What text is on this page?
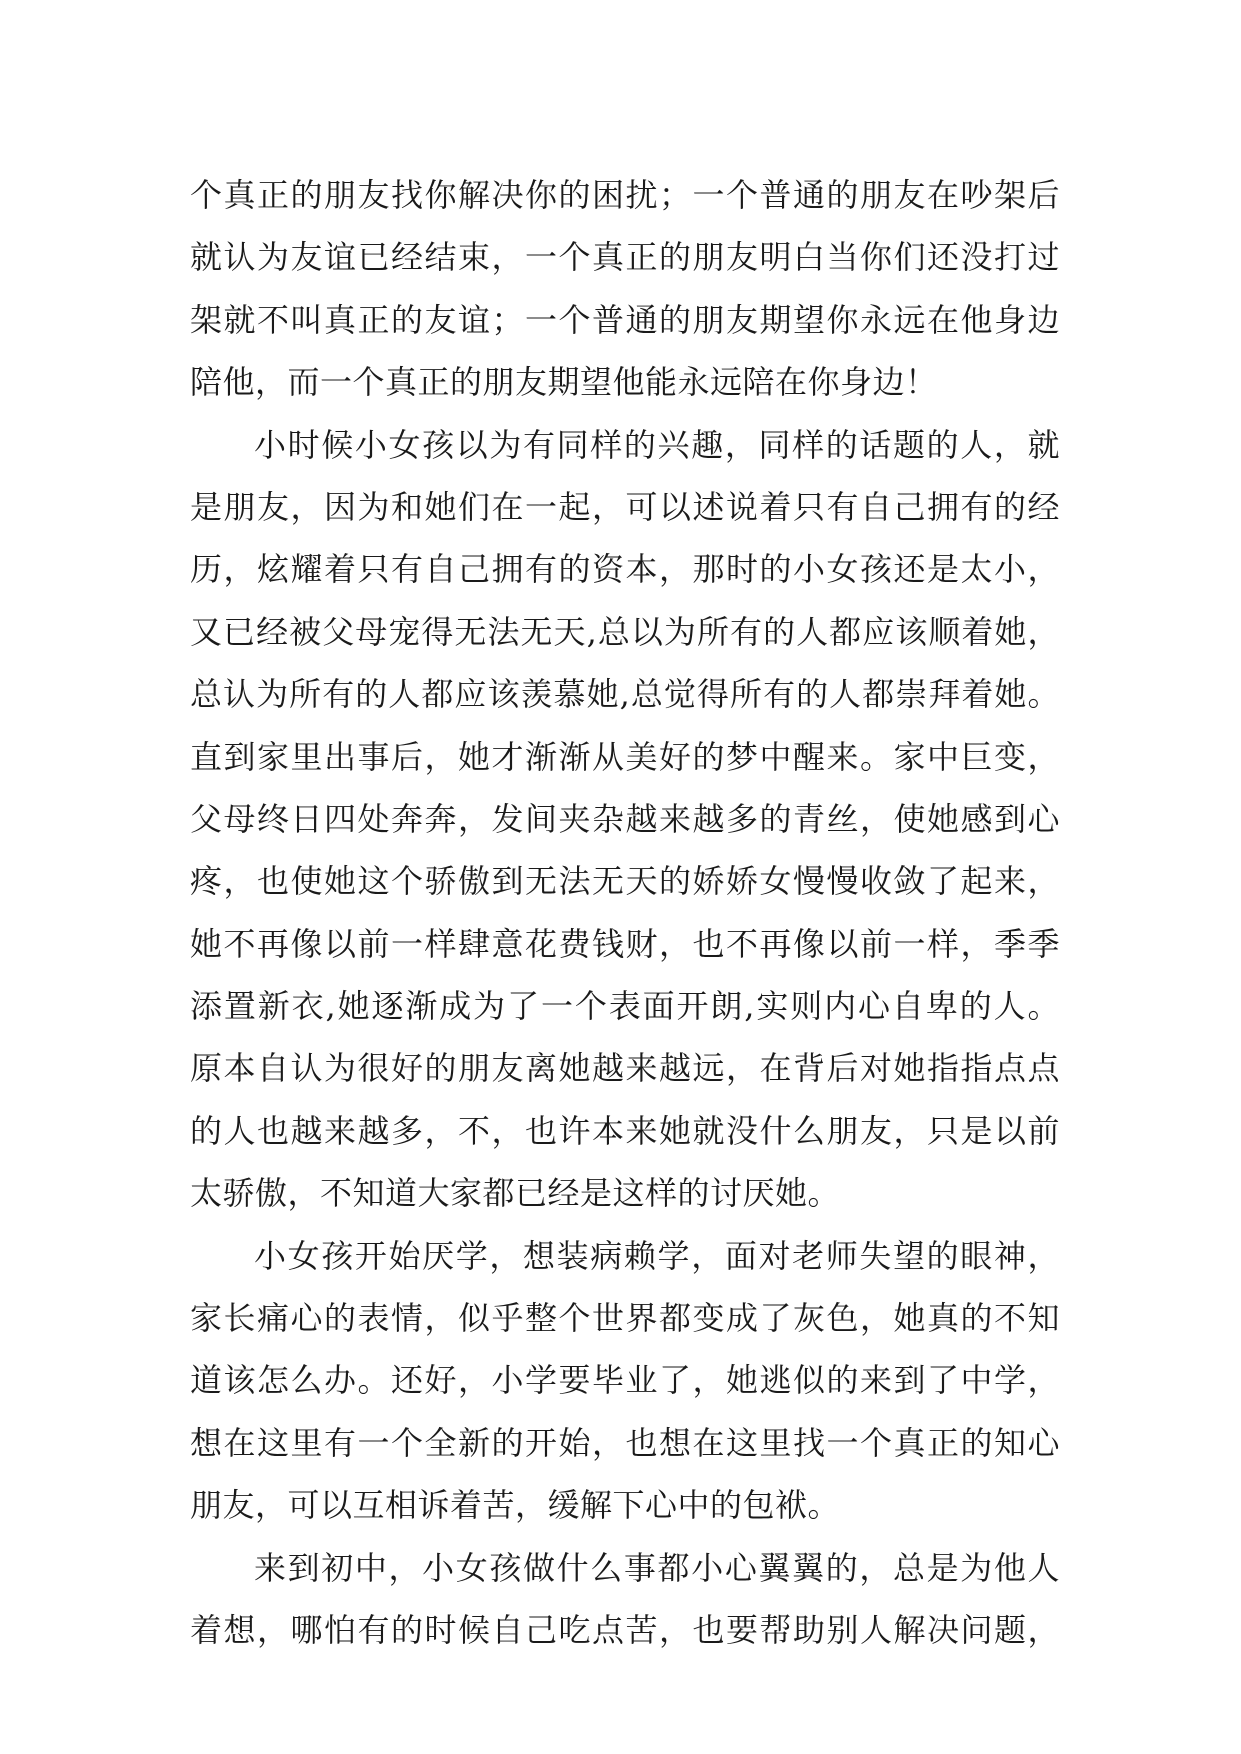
个真正的朋友找你解决你的困扰；一个普通的朋友在吵架后
就认为友谊已经结束，一个真正的朋友明白当你们还没打过
架就不叫真正的友谊；一个普通的朋友期望你永远在他身边
陪他，而一个真正的朋友期望他能永远陪在你身边！
小时候小女孩以为有同样的兴趣，同样的话题的人，就
是朋友，因为和她们在一起，可以述说着只有自己拥有的经
历，炫耀着只有自己拥有的资本，那时的小女孩还是太小，
又已经被父母宠得无法无天,总以为所有的人都应该顺着她，
总认为所有的人都应该羡慕她,总觉得所有的人都崇拜着她。
直到家里出事后，她才渐渐从美好的梦中醒来。家中巨变，
父母终日四处奔奔，发间夹杂越来越多的青丝，使她感到心
疼，也使她这个骄傲到无法无天的娇娇女慢慢收敛了起来，
她不再像以前一样肆意花费钱财，也不再像以前一样，季季
添置新衣,她逐渐成为了一个表面开朗,实则内心自卑的人。
原本自认为很好的朋友离她越来越远，在背后对她指指点点
的人也越来越多，不，也许本来她就没什么朋友，只是以前
太骄傲，不知道大家都已经是这样的讨厌她。
小女孩开始厌学，想装病赖学，面对老师失望的眼神，
家长痛心的表情，似乎整个世界都变成了灰色，她真的不知
道该怎么办。还好，小学要毕业了，她逃似的来到了中学，
想在这里有一个全新的开始，也想在这里找一个真正的知心
朋友，可以互相诉着苦，缓解下心中的包袱。
来到初中，小女孩做什么事都小心翼翼的，总是为他人
着想，哪怕有的时候自己吃点苦，也要帮助别人解决问题，
